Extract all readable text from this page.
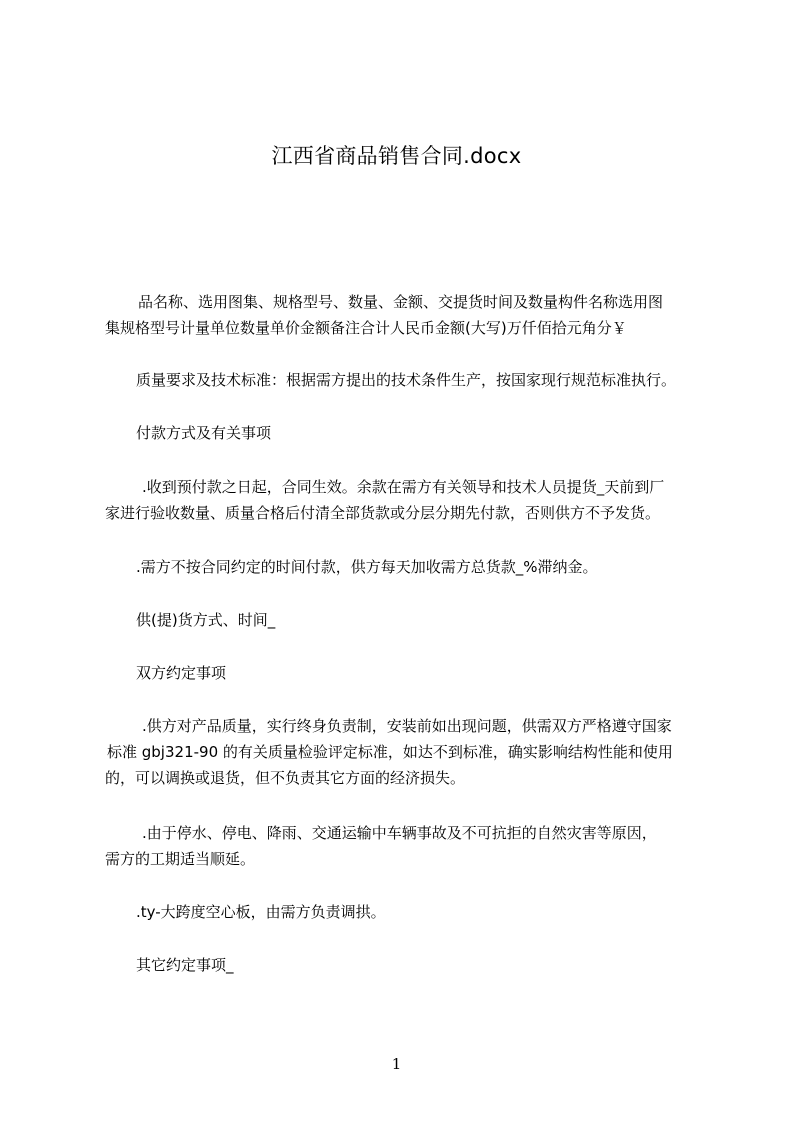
江西省商品销售合同.docx
品名称、选用图集、规格型号、数量、金额、交提货时间及数量构件名称选用图
集规格型号计量单位数量单价金额备注合计人民币金额(大写)万仟佰拾元角分￥
质量要求及技术标准：根据需方提出的技术条件生产，按国家现行规范标准执行。
付款方式及有关事项
.收到预付款之日起，合同生效。余款在需方有关领导和技术人员提货_天前到厂
家进行验收数量、质量合格后付清全部货款或分层分期先付款，否则供方不予发货。
.需方不按合同约定的时间付款，供方每天加收需方总货款_%滞纳金。
供(提)货方式、时间_
双方约定事项
.供方对产品质量，实行终身负责制，安装前如出现问题，供需双方严格遵守国家
标准 gbj321-90 的有关质量检验评定标准，如达不到标准，确实影响结构性能和使用
的，可以调换或退货，但不负责其它方面的经济损失。
.由于停水、停电、降雨、交通运输中车辆事故及不可抗拒的自然灾害等原因，
需方的工期适当顺延。
.ty-大跨度空心板，由需方负责调拱。
其它约定事项_
1
